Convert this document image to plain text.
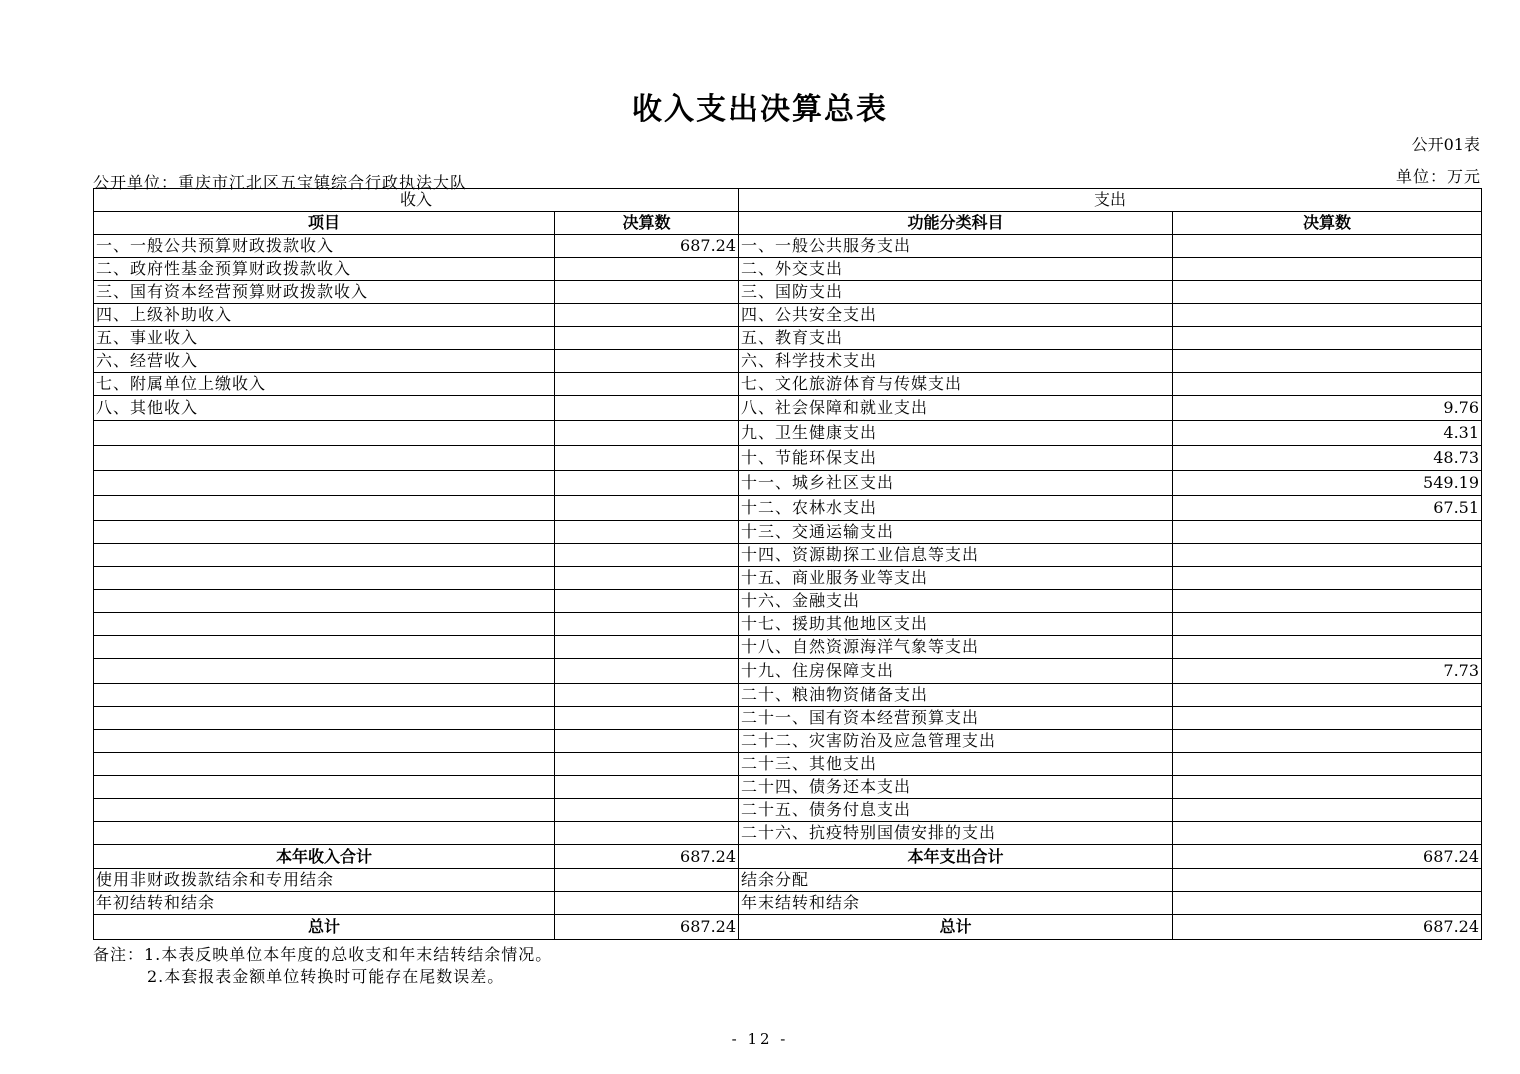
收入支出决算总表
公开01表
公开单位：重庆市江北区五宝镇综合行政执法大队	单位：万元
收入		支出	
项目	决算数	功能分类科目	决算数
一、一般公共预算财政拨款收入	687.24	一、一般公共服务支出	
二、政府性基金预算财政拨款收入		二、外交支出	
三、国有资本经营预算财政拨款收入		三、国防支出	
四、上级补助收入		四、公共安全支出	
五、事业收入		五、教育支出	
六、经营收入		六、科学技术支出	
七、附属单位上缴收入		七、文化旅游体育与传媒支出	
八、其他收入		八、社会保障和就业支出	9.76
		九、卫生健康支出	4.31
		十、节能环保支出	48.73
		十一、城乡社区支出	549.19
		十二、农林水支出	67.51
		十三、交通运输支出	
		十四、资源勘探工业信息等支出	
		十五、商业服务业等支出	
		十六、金融支出	
		十七、援助其他地区支出	
		十八、自然资源海洋气象等支出	
		十九、住房保障支出	7.73
		二十、粮油物资储备支出	
		二十一、国有资本经营预算支出	
		二十二、灾害防治及应急管理支出	
		二十三、其他支出	
		二十四、债务还本支出	
		二十五、债务付息支出	
		二十六、抗疫特别国债安排的支出	
本年收入合计	687.24	本年支出合计	687.24
使用非财政拨款结余和专用结余		结余分配	
年初结转和结余		年末结转和结余	
总计	687.24	总计	687.24
备注：1.本表反映单位本年度的总收支和年末结转结余情况。
2.本套报表金额单位转换时可能存在尾数误差。
- 12 -
